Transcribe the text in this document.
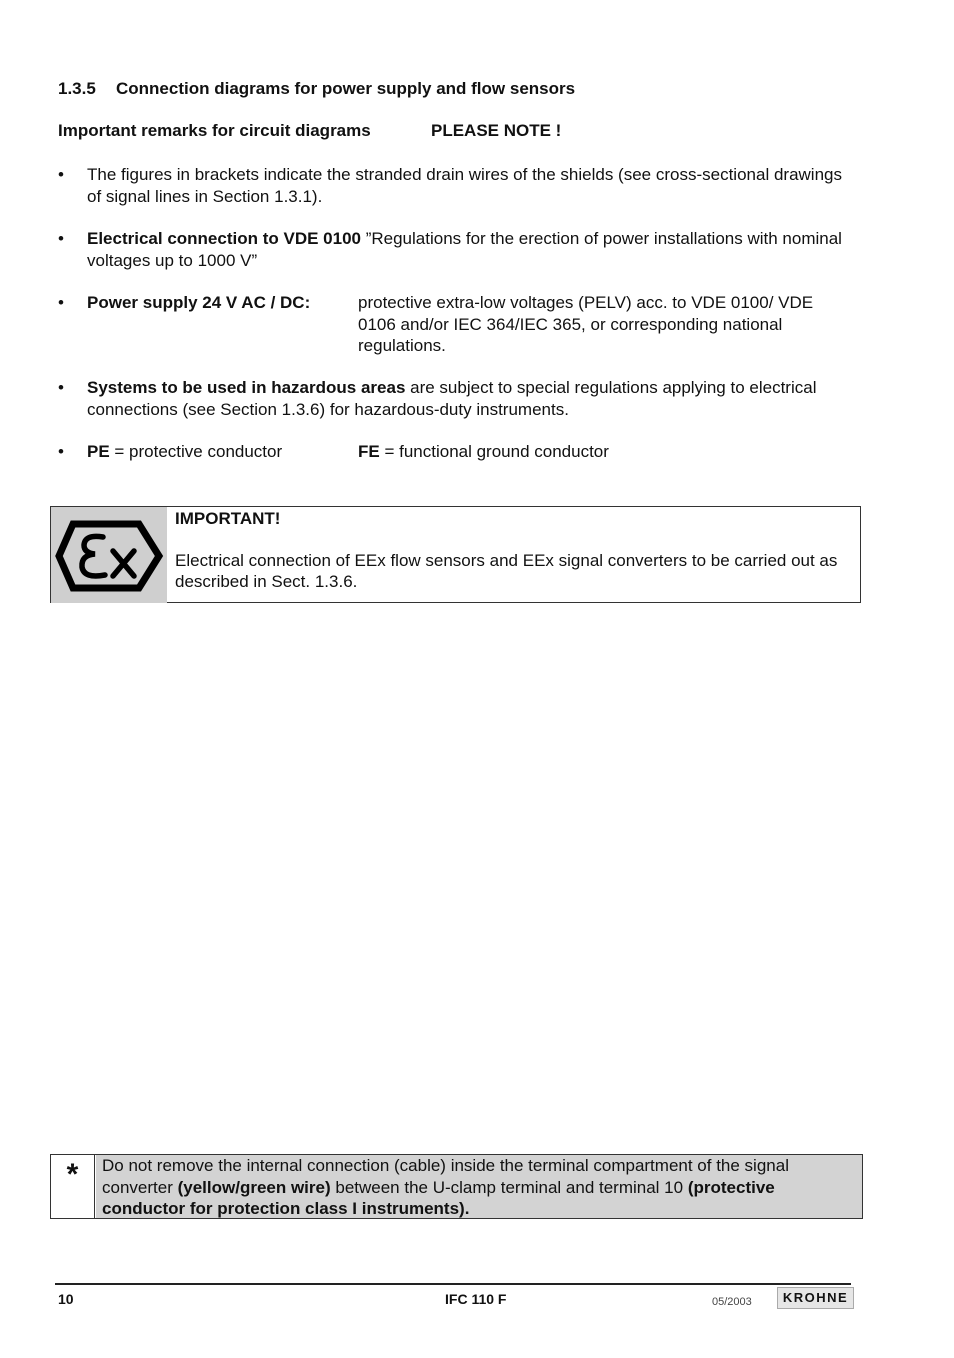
1.3.5 Connection diagrams for power supply and flow sensors
Important remarks for circuit diagrams	PLEASE NOTE !
•	The figures in brackets indicate the stranded drain wires of the shields (see cross-sectional drawings of signal lines in Section 1.3.1).
•	Electrical connection to VDE 0100 ”Regulations for the erection of power installations with nominal voltages up to 1000 V”
•	Power supply 24 V AC / DC:	protective extra-low voltages (PELV) acc. to VDE 0100/ VDE 0106 and/or IEC 364/IEC 365, or corresponding national regulations.
•	Systems to be used in hazardous areas are subject to special regulations applying to electrical connections (see Section 1.3.6) for hazardous-duty instruments.
•	PE = protective conductor	FE = functional ground conductor
IMPORTANT!
Electrical connection of EEx flow sensors and EEx signal converters to be carried out as described in Sect. 1.3.6.
*	Do not remove the internal connection (cable) inside the terminal compartment of the signal converter (yellow/green wire) between the U-clamp terminal and terminal 10 (protective conductor for protection class I instruments).
10	IFC 110 F	05/2003	KROHNE
